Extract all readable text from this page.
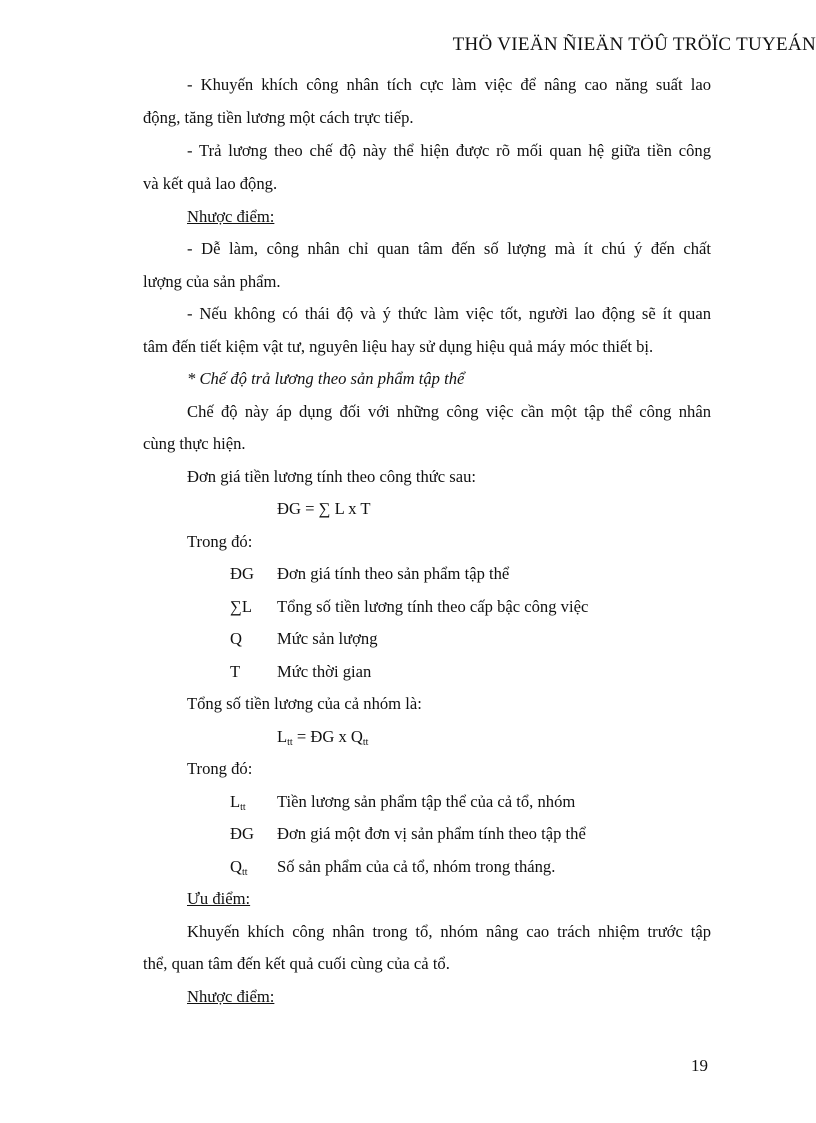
THÖ VIEÄN ÑIEÄN TÖÛ TRÖÏC TUYEÁN
- Khuyến khích công nhân tích cực làm việc để nâng cao năng suất lao
động, tăng tiền lương một cách trực tiếp.
- Trả lương theo chế độ này thể hiện được rõ mối quan hệ giữa tiền công
và kết quả lao động.
Nhược điểm:
- Dễ làm, công nhân chỉ quan tâm đến số lượng mà ít chú ý đến chất
lượng của sản phẩm.
- Nếu không có thái độ và ý thức làm việc tốt, người lao động sẽ ít quan
tâm đến tiết kiệm vật tư, nguyên liệu hay sử dụng hiệu quả máy móc thiết bị.
* Chế độ trả lương theo sản phẩm tập thể
Chế độ này áp dụng đối với những công việc cần một tập thể công nhân
cùng thực hiện.
Đơn giá tiền lương tính theo công thức sau:
ĐG = ∑ L x T
Trong đó:
ĐG Đơn giá tính theo sản phẩm tập thể
∑L Tổng số tiền lương tính theo cấp bậc công việc
Q Mức sản lượng
T Mức thời gian
Tổng số tiền lương của cả nhóm là:
$L_{tt}$ = ĐG x $Q_{tt}$
Trong đó:
$L_{tt}$ Tiền lương sản phẩm tập thể của cả tổ, nhóm
ĐG Đơn giá một đơn vị sản phẩm tính theo tập thể
$Q_{tt}$ Số sản phẩm của cả tổ, nhóm trong tháng.
Ưu điểm:
Khuyến khích công nhân trong tổ, nhóm nâng cao trách nhiệm trước tập
thể, quan tâm đến kết quả cuối cùng của cả tổ.
Nhược điểm:
19
